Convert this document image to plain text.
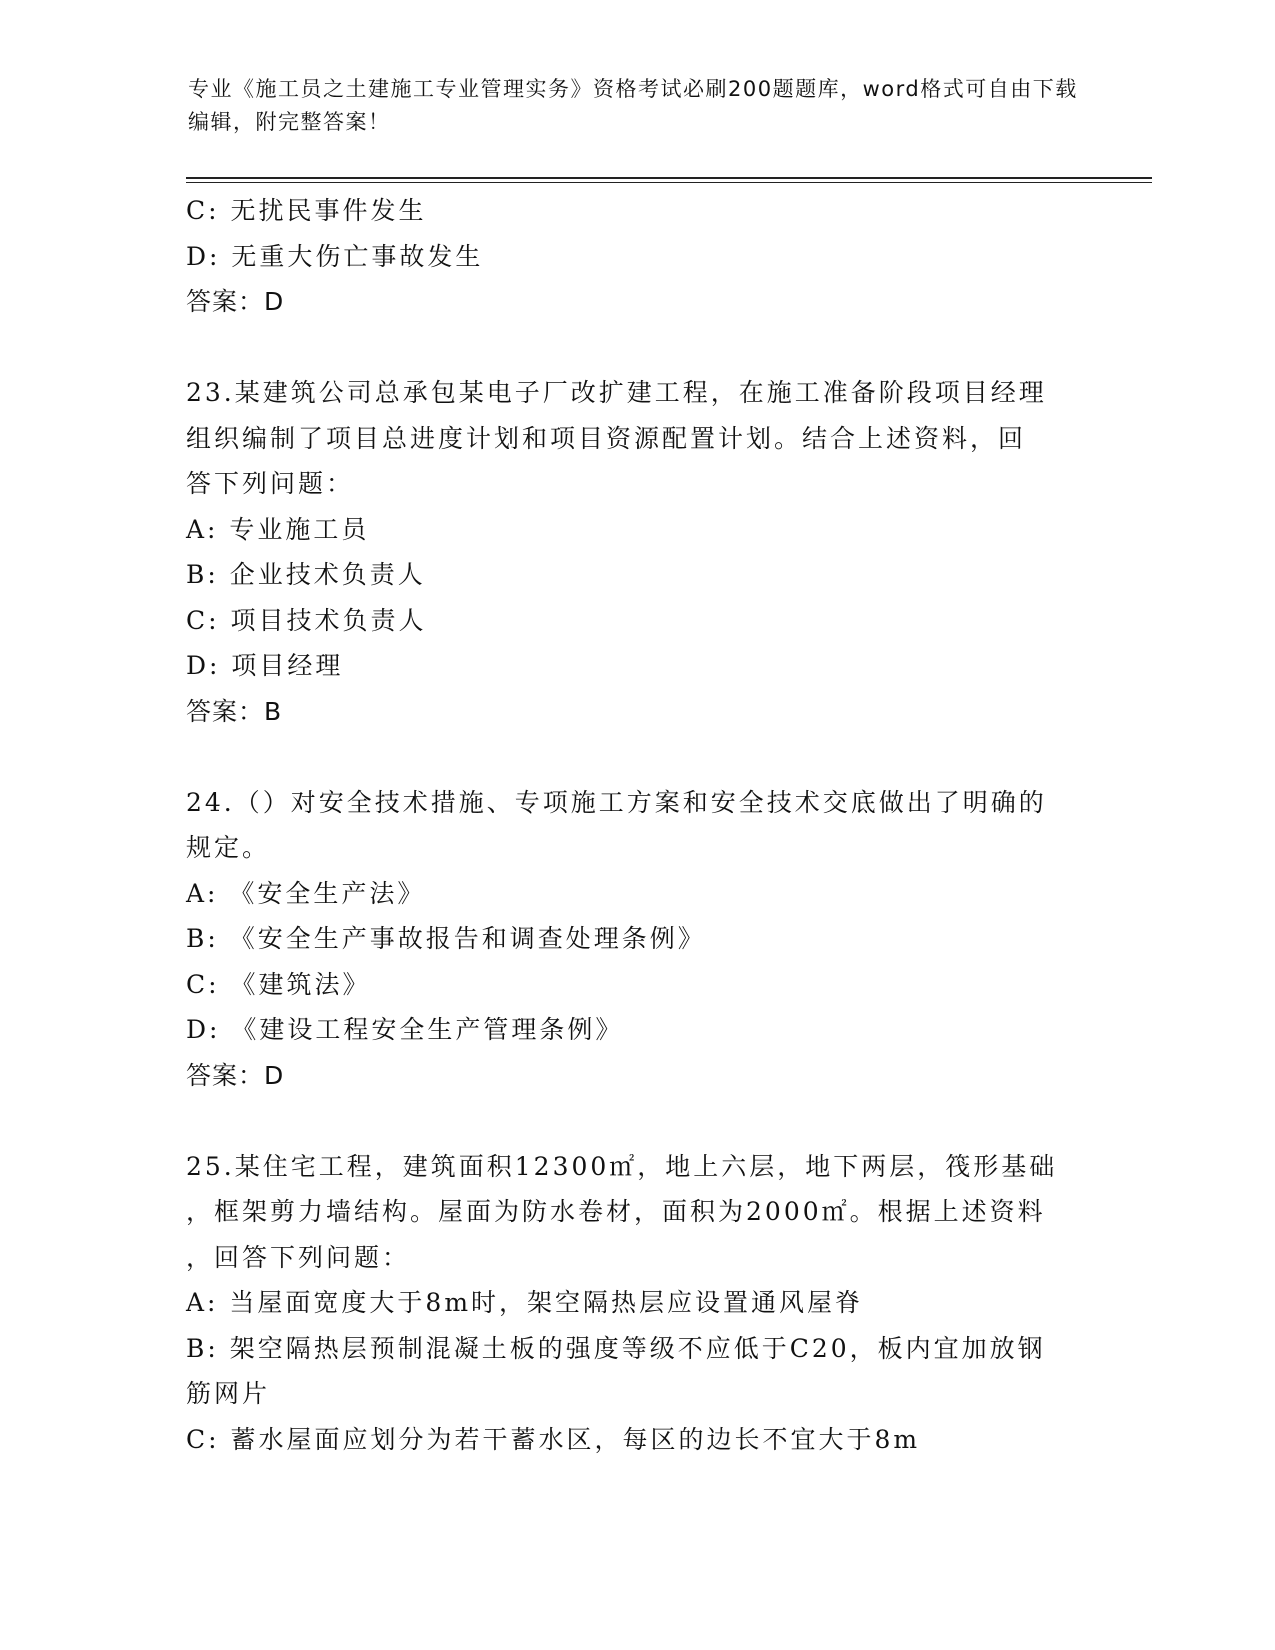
专业《施工员之土建施工专业管理实务》资格考试必刷200题题库，word格式可自由下载编辑，附完整答案！
C: 无扰民事件发生
D: 无重大伤亡事故发生
答案：D
23.某建筑公司总承包某电子厂改扩建工程，在施工准备阶段项目经理
组织编制了项目总进度计划和项目资源配置计划。结合上述资料，回
答下列问题：
A: 专业施工员
B: 企业技术负责人
C: 项目技术负责人
D: 项目经理
答案：B
24.（）对安全技术措施、专项施工方案和安全技术交底做出了明确的
规定。
A: 《安全生产法》
B: 《安全生产事故报告和调查处理条例》
C: 《建筑法》
D: 《建设工程安全生产管理条例》
答案：D
25.某住宅工程，建筑面积12300㎡，地上六层，地下两层，筏形基础
，框架剪力墙结构。屋面为防水卷材，面积为2000㎡。根据上述资料
，回答下列问题：
A: 当屋面宽度大于8m时，架空隔热层应设置通风屋脊
B: 架空隔热层预制混凝土板的强度等级不应低于C20，板内宜加放钢
筋网片
C: 蓄水屋面应划分为若干蓄水区，每区的边长不宜大于8m
